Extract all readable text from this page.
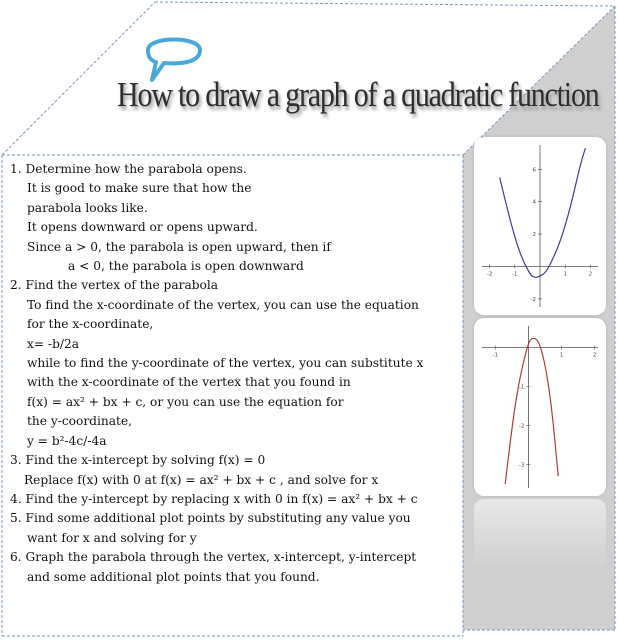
How to draw a graph of a quadratic function
1. Determine how the parabola opens.
It is good to make sure that how the
parabola looks like.
It opens downward or opens upward.
Since a > 0, the parabola is open upward, then if
a < 0, the parabola is open downward
2. Find the vertex of the parabola
To find the x-coordinate of the vertex, you can use the equation
for the x-coordinate,
x= -b/2a
while to find the y-coordinate of the vertex, you can substitute x
with the x-coordinate of the vertex that you found in
f(x) = ax² + bx + c, or you can use the equation for
the y-coordinate,
y = b²-4c/-4a
3. Find the x-intercept by solving f(x) = 0
Replace f(x) with 0 at f(x) = ax² + bx + c , and solve for x
4. Find the y-intercept by replacing x with 0 in f(x) = ax² + bx + c
5. Find some additional plot points by substituting any value you
want for x and solving for y
6. Graph the parabola through the vertex, x-intercept, y-intercept
and some additional plot points that you found.
-2	-1	1	2
6
4
2
-2
-1	1	2
-1
-2
-3
